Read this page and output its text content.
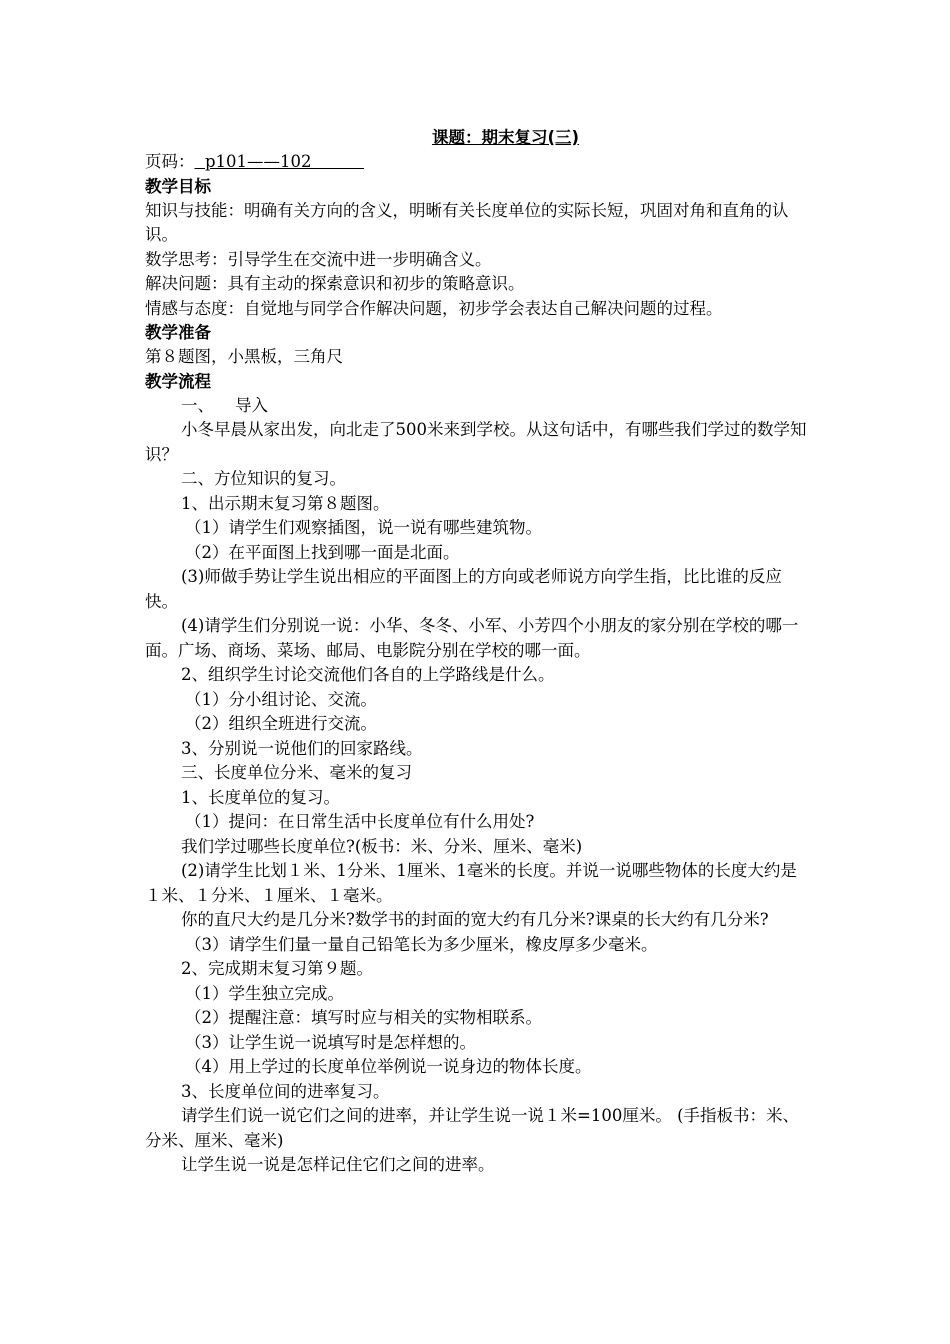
课题：期末复习(三)
页码：  p101——102
教学目标
知识与技能：明确有关方向的含义，明晰有关长度单位的实际长短，巩固对角和直角的认识。
数学思考：引导学生在交流中进一步明确含义。
解决问题：具有主动的探索意识和初步的策略意识。
情感与态度：自觉地与同学合作解决问题，初步学会表达自己解决问题的过程。
教学准备
第８题图，小黑板，三角尺
教学流程
一、    导入
小冬早晨从家出发，向北走了500米来到学校。从这句话中，有哪些我们学过的数学知识？
二、方位知识的复习。
1、出示期末复习第８题图。
（1）请学生们观察插图，说一说有哪些建筑物。
（2）在平面图上找到哪一面是北面。
(3)师做手势让学生说出相应的平面图上的方向或老师说方向学生指，比比谁的反应快。
(4)请学生们分别说一说：小华、冬冬、小军、小芳四个小朋友的家分别在学校的哪一面。广场、商场、菜场、邮局、电影院分别在学校的哪一面。
2、组织学生讨论交流他们各自的上学路线是什么。
（1）分小组讨论、交流。
（2）组织全班进行交流。
3、分别说一说他们的回家路线。
三、长度单位分米、毫米的复习
1、长度单位的复习。
（1）提问：在日常生活中长度单位有什么用处?
我们学过哪些长度单位?(板书：米、分米、厘米、毫米)
(2)请学生比划１米、1分米、1厘米、1毫米的长度。并说一说哪些物体的长度大约是１米、１分米、１厘米、１毫米。
你的直尺大约是几分米?数学书的封面的宽大约有几分米?课桌的长大约有几分米?
（3）请学生们量一量自己铅笔长为多少厘米，橡皮厚多少毫米。
2、完成期末复习第９题。
（1）学生独立完成。
（2）提醒注意：填写时应与相关的实物相联系。
（3）让学生说一说填写时是怎样想的。
（4）用上学过的长度单位举例说一说身边的物体长度。
3、长度单位间的进率复习。
请学生们说一说它们之间的进率，并让学生说一说１米=100厘米。 (手指板书：米、分米、厘米、毫米)
让学生说一说是怎样记住它们之间的进率。
